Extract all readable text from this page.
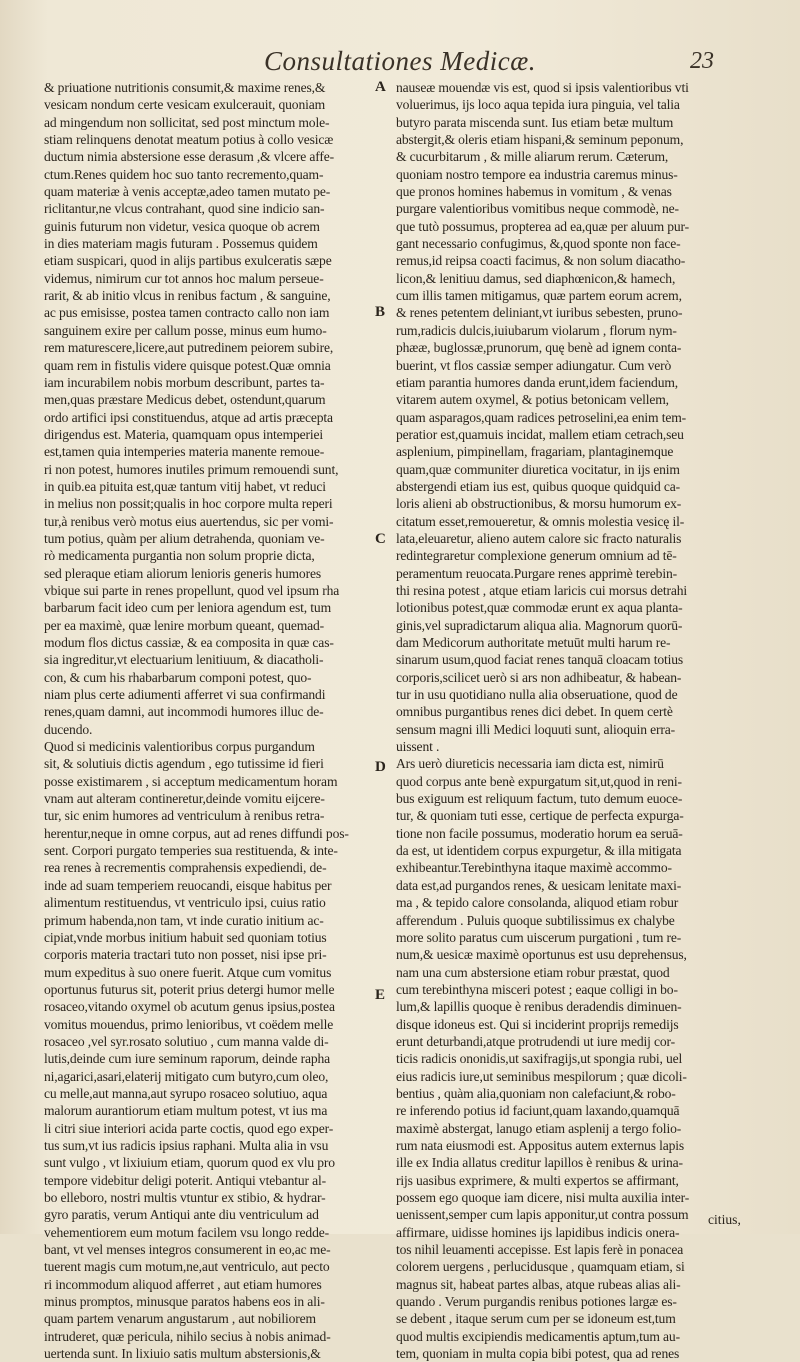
Consultationes Medicæ.	23
& priuatione nutritionis consumit,& maxime renes,&
vesicam nondum certe vesicam exulcerauit, quoniam
ad mingendum non sollicitat, sed post minctum mole-
stiam relinquens denotat meatum potius à collo vesicæ
ductum nimia abstersione esse derasum ,& vlcere affe-
ctum.Renes quidem hoc suo tanto recremento,quam-
quam materiæ à venis acceptæ,adeo tamen mutato pe-
riclitantur,ne vlcus contrahant, quod sine indicio san-
guinis futurum non videtur, vesica quoque ob acrem
in dies materiam magis futuram . Possemus quidem
etiam suspicari, quod in alijs partibus exulceratis sæpe
videmus, nimirum cur tot annos hoc malum perseue-
rarit, & ab initio vlcus in renibus factum , & sanguine,
ac pus emisisse, postea tamen contracto callo non iam
sanguinem exire per callum posse, minus eum humo-
rem maturescere,licere,aut putredinem peiorem subire,
quam rem in fistulis videre quisque potest.Quæ omnia
iam incurabilem nobis morbum describunt, partes ta-
men,quas præstare Medicus debet, ostendunt,quarum
ordo artifici ipsi constituendus, atque ad artis præcepta
dirigendus est. Materia, quamquam opus intemperiei
est,tamen quia intemperies materia manente remoue-
ri non potest, humores inutiles primum remouendi sunt,
in quib.ea pituita est,quæ tantum vitij habet, vt reduci
in melius non possit;qualis in hoc corpore multa reperi
tur,à renibus verò motus eius auertendus, sic per vomi-
tum potius, quàm per alium detrahenda, quoniam ve-
rò medicamenta purgantia non solum proprie dicta,
sed pleraque etiam aliorum lenioris generis humores
vbique sui parte in renes propellunt, quod vel ipsum rha
barbarum facit ideo cum per leniora agendum est, tum
per ea maximè, quæ lenire morbum queant, quemad-
modum flos dictus cassiæ, & ea composita in quæ cas-
sia ingreditur,vt electuarium lenitiuum, & diacatholi-
con, & cum his rhabarbarum componi potest, quo-
niam plus certe adiumenti afferret vi sua confirmandi
renes,quam damni, aut incommodi humores illuc de-
ducendo.
Quod si medicinis valentioribus corpus purgandum
sit, & solutiuis dictis agendum , ego tutissime id fieri
posse existimarem , si acceptum medicamentum horam
vnam aut alteram contineretur,deinde vomitu eijcere-
tur, sic enim humores ad ventriculum à renibus retra-
herentur,neque in omne corpus, aut ad renes diffundi pos-
sent. Corpori purgato temperies sua restituenda, & inte-
rea renes à recrementis comprahensis expediendi, de-
inde ad suam temperiem reuocandi, eisque habitus per
alimentum restituendus, vt ventriculo ipsi, cuius ratio
primum habenda,non tam, vt inde curatio initium ac-
cipiat,vnde morbus initium habuit sed quoniam totius
corporis materia tractari tuto non posset, nisi ipse pri-
mum expeditus à suo onere fuerit. Atque cum vomitus
oportunus futurus sit, poterit prius detergi humor melle
rosaceo,vitando oxymel ob acutum genus ipsius,postea
vomitus mouendus, primo lenioribus, vt coëdem melle
rosaceo ,vel syr.rosato solutiuo , cum manna valde di-
lutis,deinde cum iure seminum raporum, deinde rapha
ni,agarici,asari,elaterij mitigato cum butyro,cum oleo,
cu melle,aut manna,aut syrupo rosaceo solutiuo, aqua
malorum aurantiorum etiam multum potest, vt ius ma
li citri siue interiori acida parte coctis, quod ego exper-
tus sum,vt ius radicis ipsius raphani. Multa alia in vsu
sunt vulgo , vt lixiuium etiam, quorum quod ex vlu pro
tempore videbitur deligi poterit. Antiqui vtebantur al-
bo elleboro, nostri multis vtuntur ex stibio, & hydrar-
gyro paratis, verum Antiqui ante diu ventriculum ad
vehementiorem eum motum facilem vsu longo redde-
bant, vt vel menses integros consumerent in eo,ac me-
tuerent magis cum motum,ne,aut ventriculo, aut pecto
ri incommodum aliquod afferret , aut etiam humores
minus promptos, minusque paratos habens eos in ali-
quam partem venarum angustarum , aut nobiliorem
intruderet, quæ pericula, nihilo secius à nobis animad-
uertenda sunt. In lixiuio satis multum abstersionis,&
A
B
C
D
E
nauseæ mouendæ vis est, quod si ipsis valentioribus vti
voluerimus, ijs loco aqua tepida iura pinguia, vel talia
butyro parata miscenda sunt. Ius etiam betæ multum
abstergit,& oleris etiam hispani,& seminum peponum,
& cucurbitarum , & mille aliarum rerum. Cæterum,
quoniam nostro tempore ea industria caremus minus-
que pronos homines habemus in vomitum , & venas
purgare valentioribus vomitibus neque commodè, ne-
que tutò possumus, propterea ad ea,quæ per aluum pur-
gant necessario confugimus, &,quod sponte non face-
remus,id reipsa coacti facimus, & non solum diacatho-
licon,& lenitiuu damus, sed diaphœnicon,& hamech,
cum illis tamen mitigamus, quæ partem eorum acrem,
& renes petentem deliniant,vt iuribus sebesten, pruno-
rum,radicis dulcis,iuiubarum violarum , florum nym-
phææ, buglossæ,prunorum, quę benè ad ignem conta-
buerint, vt flos cassiæ semper adiungatur. Cum verò
etiam parantia humores danda erunt,idem faciendum,
vitarem autem oxymel, & potius betonicam vellem,
quam asparagos,quam radices petroselini,ea enim tem-
peratior est,quamuis incidat, mallem etiam cetrach,seu
asplenium, pimpinellam, fragariam, plantaginemque
quam,quæ communiter diuretica vocitatur, in ijs enim
abstergendi etiam ius est, quibus quoque quidquid ca-
loris alieni ab obstructionibus, & morsu humorum ex-
citatum esset,remoueretur, & omnis molestia vesicę il-
lata,eleuaretur, alieno autem calore sic fracto naturalis
redintegraretur complexione generum omnium ad tē-
peramentum reuocata.Purgare renes apprimè terebin-
thi resina potest , atque etiam laricis cui morsus detrahi
lotionibus potest,quæ commodæ erunt ex aqua planta-
ginis,vel supradictarum aliqua alia. Magnorum quorū-
dam Medicorum authoritate metuūt multi harum re-
sinarum usum,quod faciat renes tanquā cloacam totius
corporis,scilicet uerò si ars non adhibeatur, & habean-
tur in usu quotidiano nulla alia obseruatione, quod de
omnibus purgantibus renes dici debet. In quem certè
sensum magni illi Medici loquuti sunt, alioquin erra-
uissent .
Ars uerò diureticis necessaria iam dicta est, nimirū
quod corpus ante benè expurgatum sit,ut,quod in reni-
bus exiguum est reliquum factum, tuto demum euoce-
tur, & quoniam tuti esse, certique de perfecta expurga-
tione non facile possumus, moderatio horum ea seruā-
da est, ut identidem corpus expurgetur, & illa mitigata
exhibeantur.Terebinthyna itaque maximè accommo-
data est,ad purgandos renes, & uesicam lenitate maxi-
ma , & tepido calore consolanda, aliquod etiam robur
afferendum . Puluis quoque subtilissimus ex chalybe
more solito paratus cum uiscerum purgationi , tum re-
num,& uesicæ maximè oportunus est usu deprehensus,
nam una cum abstersione etiam robur præstat, quod
cum terebinthyna misceri potest ; eaque colligi in bo-
lum,& lapillis quoque è renibus deradendis diminuen-
disque idoneus est. Qui si inciderint proprijs remedijs
erunt deturbandi,atque protrudendi ut iure medij cor-
ticis radicis ononidis,ut saxifragijs,ut spongia rubi, uel
eius radicis iure,ut seminibus mespilorum ; quæ dicoli-
bentius , quàm alia,quoniam non calefaciunt,& robo-
re inferendo potius id faciunt,quam laxando,quamquā
maximè abstergat, lanugo etiam asplenij a tergo folio-
rum nata eiusmodi est. Appositus autem externus lapis
ille ex India allatus creditur lapillos è renibus & urina-
rijs uasibus exprimere, & multi expertos se affirmant,
possem ego quoque iam dicere, nisi multa auxilia inter-
uenissent,semper cum lapis apponitur,ut contra possum
affirmare, uidisse homines ijs lapidibus indicis onera-
tos nihil leuamenti accepisse. Est lapis ferè in ponacea
colorem uergens , perlucidusque , quamquam etiam, si
magnus sit, habeat partes albas, atque rubeas alias ali-
quando . Verum purgandis renibus potiones largæ es-
se debent , itaque serum cum per se idoneum est,tum
quod multis excipiendis medicamentis aptum,tum au-
tem, quoniam in multa copia bibi potest, qua ad renes
citius,
